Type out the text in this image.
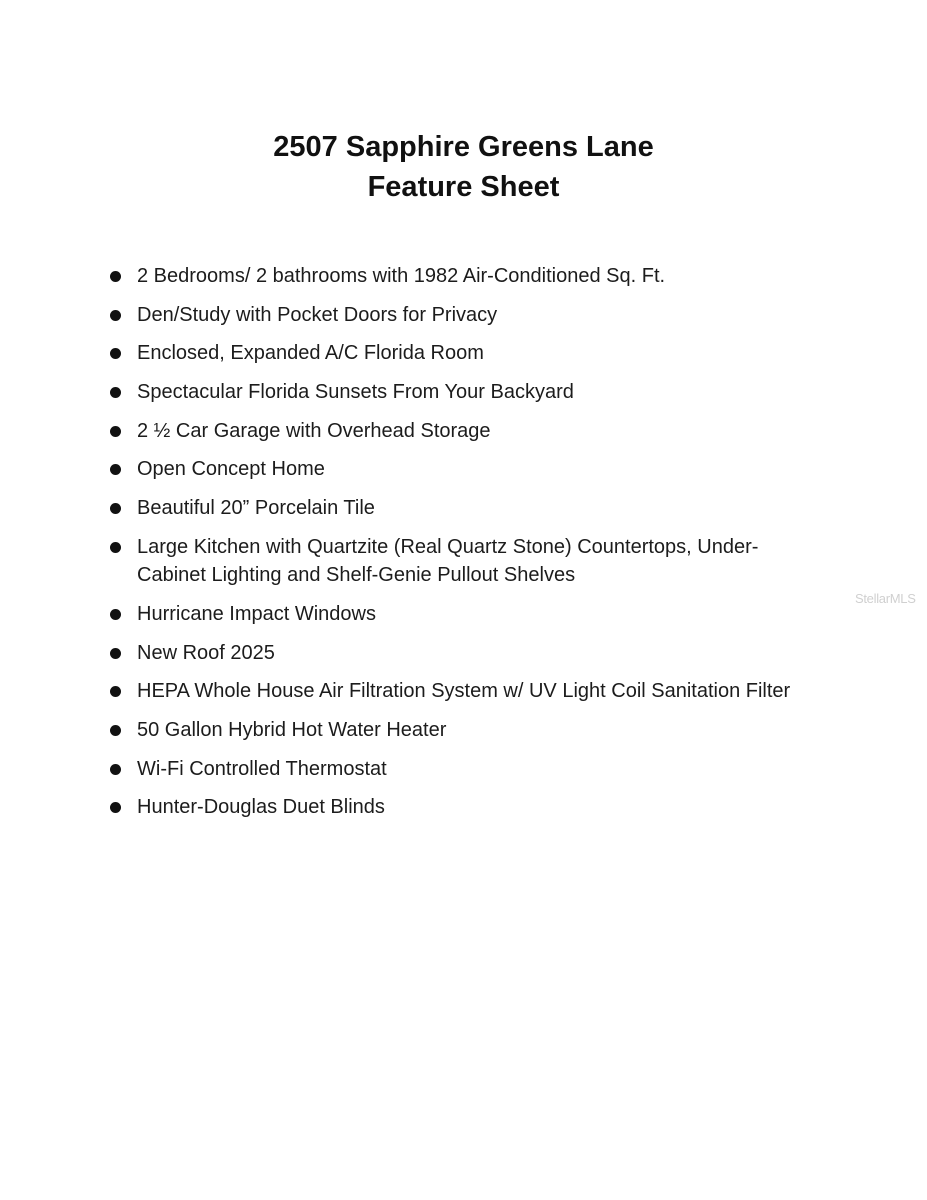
2507 Sapphire Greens Lane
Feature Sheet
2 Bedrooms/ 2 bathrooms with 1982 Air-Conditioned Sq. Ft.
Den/Study with Pocket Doors for Privacy
Enclosed, Expanded A/C Florida Room
Spectacular Florida Sunsets From Your Backyard
2 ½ Car Garage with Overhead Storage
Open Concept Home
Beautiful 20” Porcelain Tile
Large Kitchen with Quartzite (Real Quartz Stone) Countertops, Under-Cabinet Lighting and Shelf-Genie Pullout Shelves
Hurricane Impact Windows
New Roof 2025
HEPA Whole House Air Filtration System w/ UV Light Coil Sanitation Filter
50 Gallon Hybrid Hot Water Heater
Wi-Fi Controlled Thermostat
Hunter-Douglas Duet Blinds
StellarMLS
